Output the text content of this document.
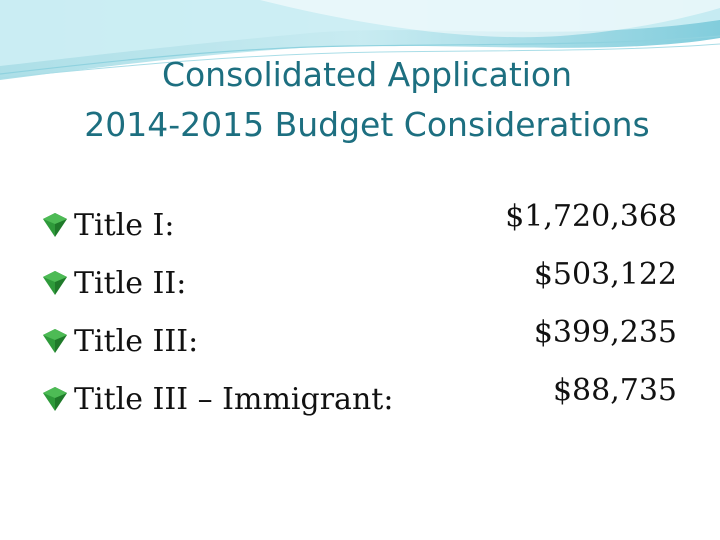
Consolidated Application
2014-2015 Budget Considerations
Title I:
Title II:
Title III:
Title III – Immigrant:
$1,720,368
$503,122
$399,235
$88,735
